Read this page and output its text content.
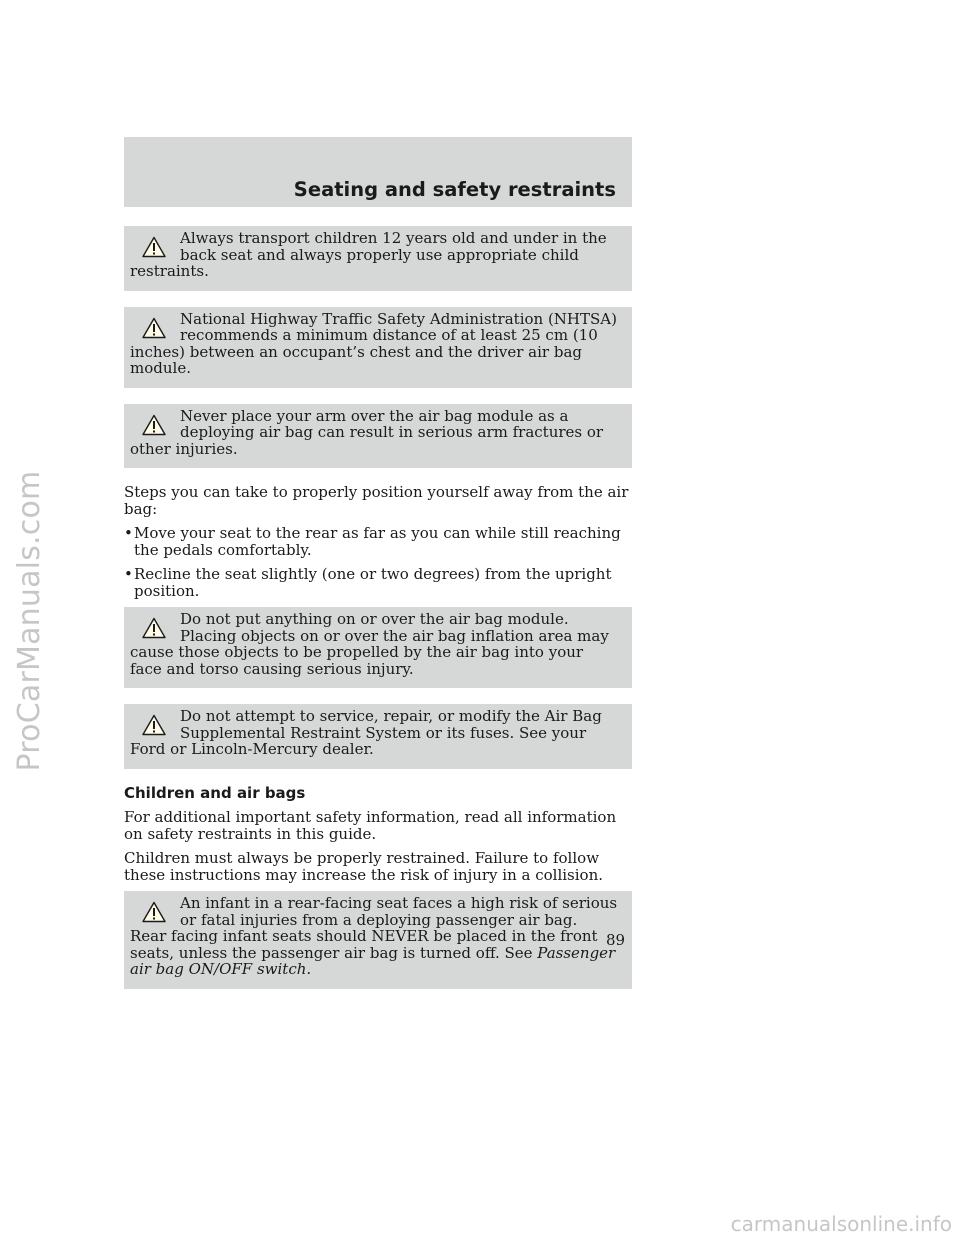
ProCarManuals.com
Seating and safety restraints

Always transport children 12 years old and under in the back seat and always properly use appropriate child restraints.

National Highway Traffic Safety Administration (NHTSA) recommends a minimum distance of at least 25 cm (10 inches) between an occupant’s chest and the driver air bag module.

Never place your arm over the air bag module as a deploying air bag can result in serious arm fractures or other injuries.

Steps you can take to properly position yourself away from the air bag:

• Move your seat to the rear as far as you can while still reaching the pedals comfortably.
• Recline the seat slightly (one or two degrees) from the upright position.

Do not put anything on or over the air bag module. Placing objects on or over the air bag inflation area may cause those objects to be propelled by the air bag into your face and torso causing serious injury.

Do not attempt to service, repair, or modify the Air Bag Supplemental Restraint System or its fuses. See your Ford or Lincoln-Mercury dealer.

Children and air bags

For additional important safety information, read all information on safety restraints in this guide.

Children must always be properly restrained. Failure to follow these instructions may increase the risk of injury in a collision.

An infant in a rear-facing seat faces a high risk of serious or fatal injuries from a deploying passenger air bag. Rear facing infant seats should NEVER be placed in the front seats, unless the passenger air bag is turned off. See Passenger air bag ON/OFF switch.

89
carmanualsonline.info
